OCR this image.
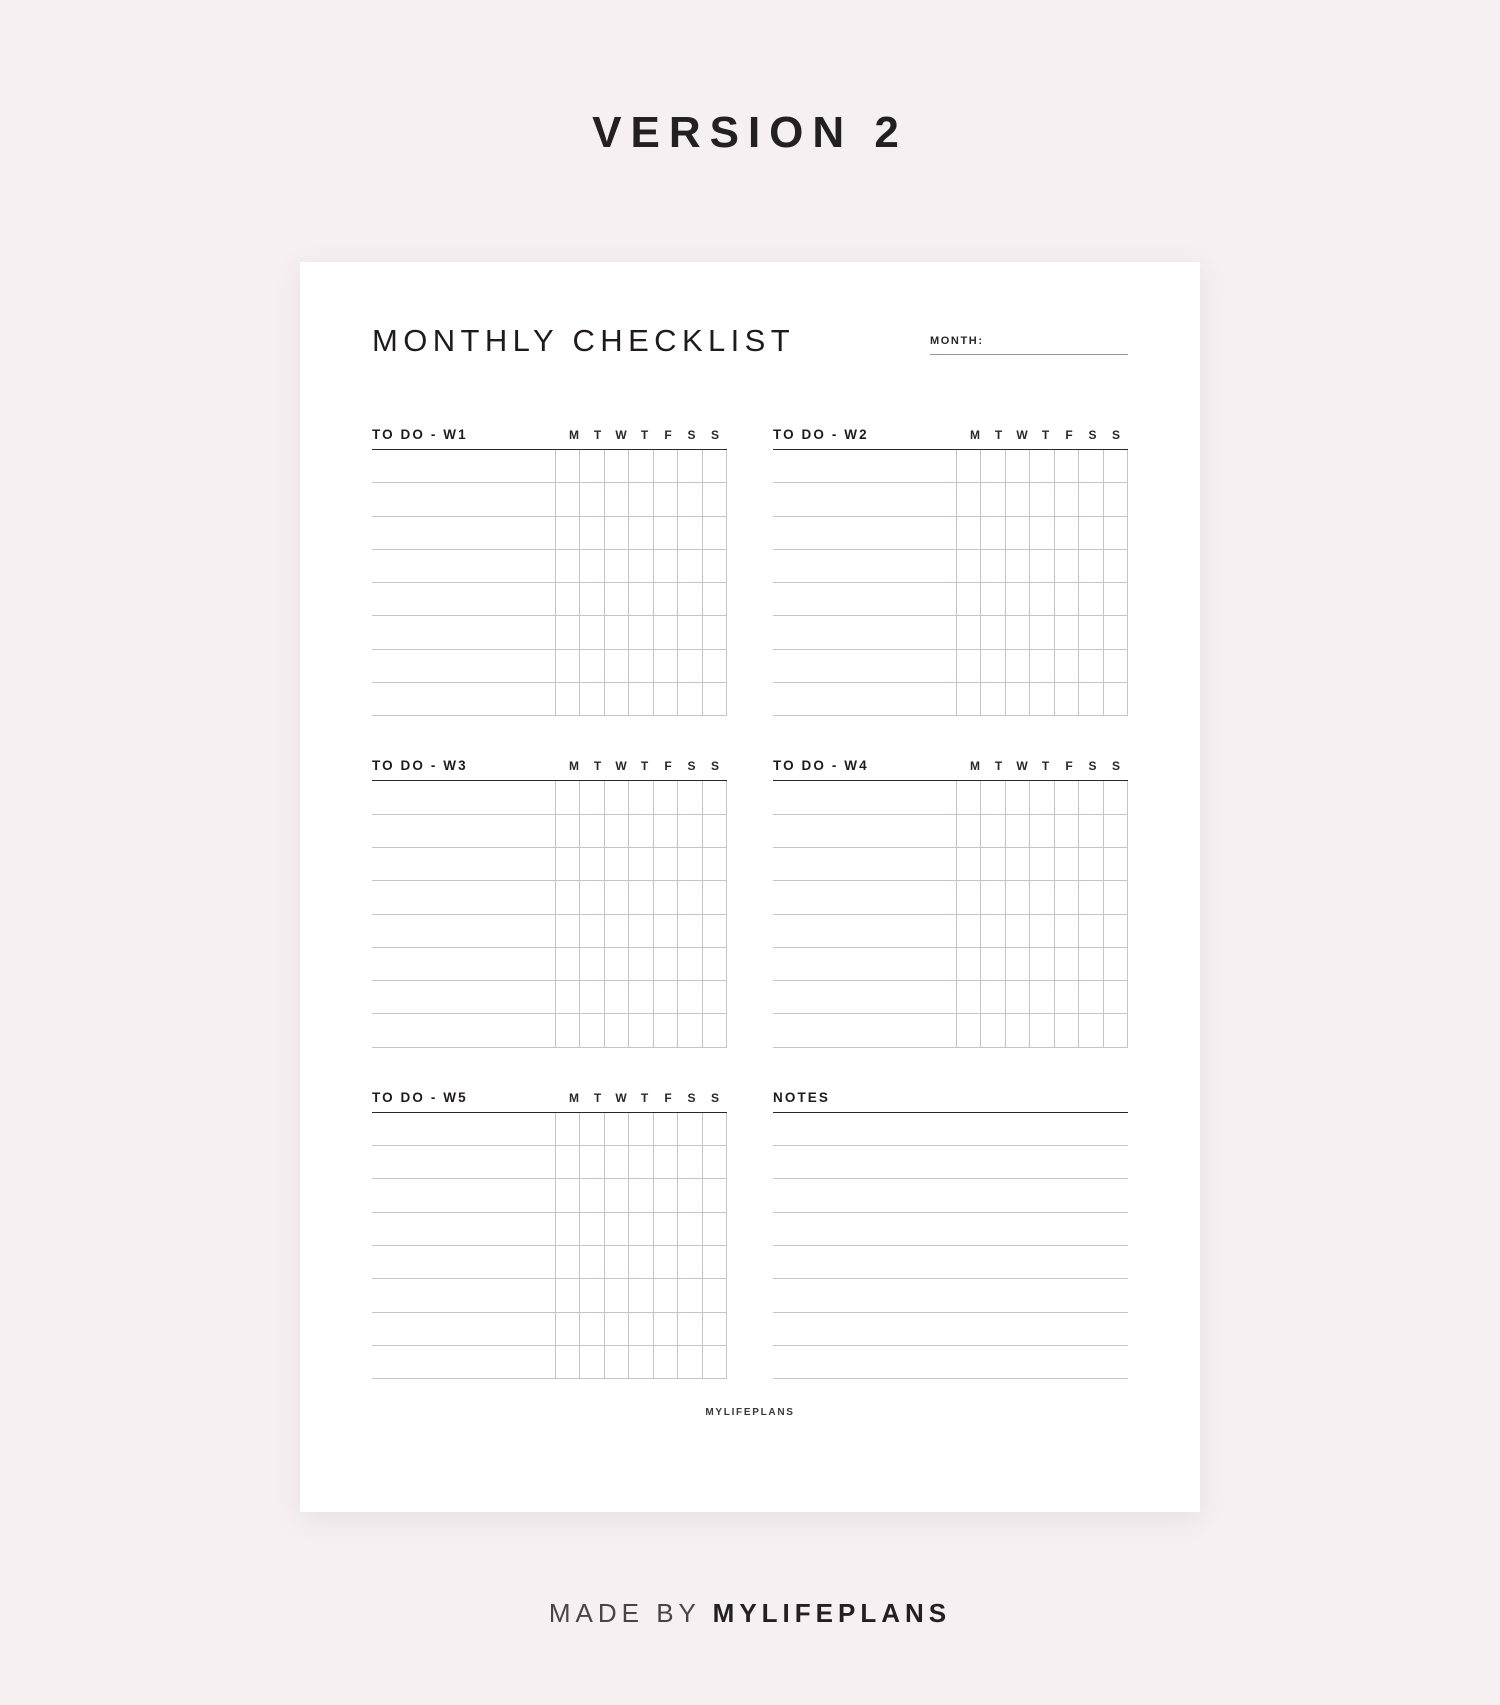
VERSION 2
MONTHLY CHECKLIST	MONTH:
TO DO - W1	M	T	W	T	F	S	S	TO DO - W2	M	T	W	T	F	S	S
TO DO - W3	M	T	W	T	F	S	S	TO DO - W4	M	T	W	T	F	S	S
TO DO - W5	M	T	W	T	F	S	S	NOTES
MYLIFEPLANS
MADE BY MYLIFEPLANS
